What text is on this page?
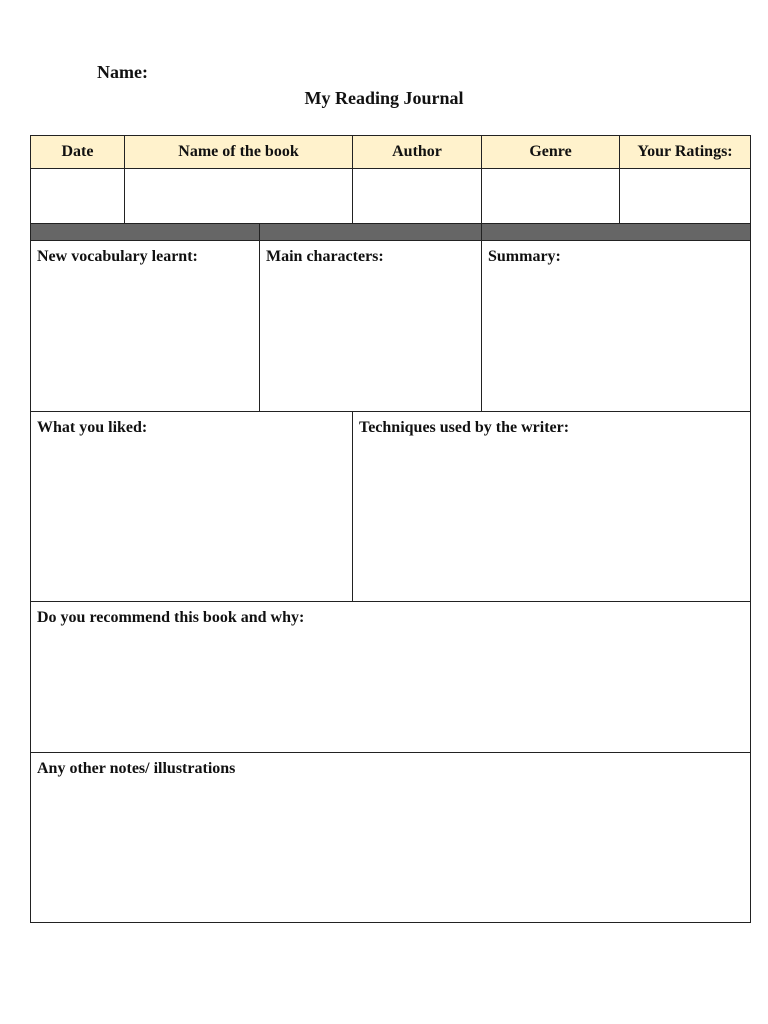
Name:
My Reading Journal
Date	Name of the book	Author	Genre	Your Ratings:
New vocabulary learnt:	Main characters:	Summary:
What you liked:	Techniques used by the writer:
Do you recommend this book and why:
Any other notes/ illustrations
